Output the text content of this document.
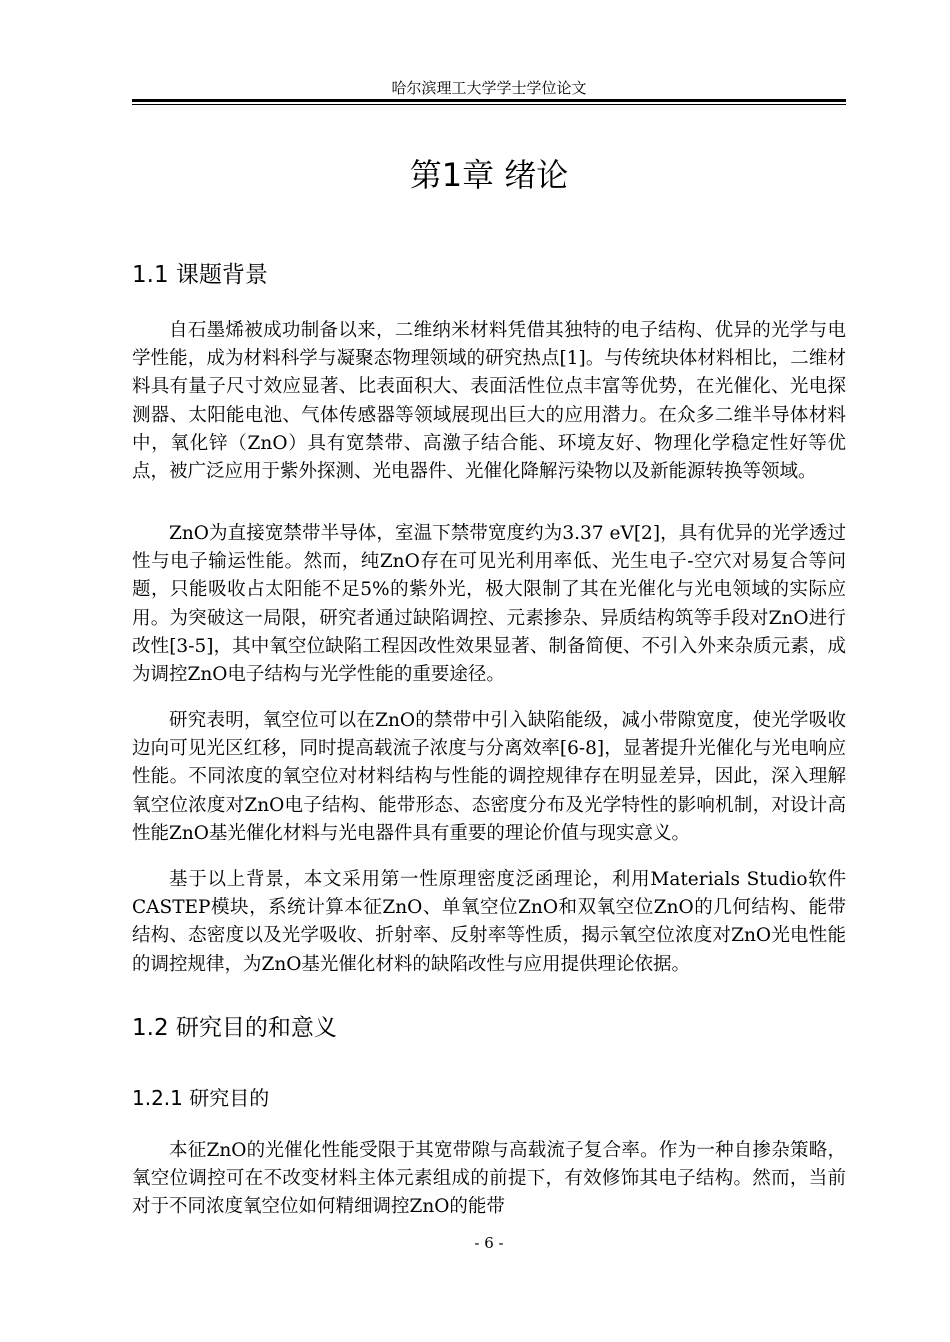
哈尔滨理工大学学士学位论文
第1章 绪论
1.1 课题背景

自石墨烯被成功制备以来，二维纳米材料凭借其独特的电子结构、优异的光学与电学性能，成为材料科学与凝聚态物理领域的研究热点[1]。与传统块体材料相比，二维材料具有量子尺寸效应显著、比表面积大、表面活性位点丰富等优势，在光催化、光电探测器、太阳能电池、气体传感器等领域展现出巨大的应用潜力。在众多二维半导体材料中，氧化锌（ZnO）具有宽禁带、高激子结合能、环境友好、物理化学稳定性好等优点，被广泛应用于紫外探测、光电器件、光催化降解污染物以及新能源转换等领域。

ZnO为直接宽禁带半导体，室温下禁带宽度约为3.37 eV[2]，具有优异的光学透过性与电子输运性能。然而，纯ZnO存在可见光利用率低、光生电子-空穴对易复合等问题，只能吸收占太阳能不足5%的紫外光，极大限制了其在光催化与光电领域的实际应用。为突破这一局限，研究者通过缺陷调控、元素掺杂、异质结构筑等手段对ZnO进行改性[3-5]，其中氧空位缺陷工程因改性效果显著、制备简便、不引入外来杂质元素，成为调控ZnO电子结构与光学性能的重要途径。

研究表明，氧空位可以在ZnO的禁带中引入缺陷能级，减小带隙宽度，使光学吸收边向可见光区红移，同时提高载流子浓度与分离效率[6-8]，显著提升光催化与光电响应性能。不同浓度的氧空位对材料结构与性能的调控规律存在明显差异，因此，深入理解氧空位浓度对ZnO电子结构、能带形态、态密度分布及光学特性的影响机制，对设计高性能ZnO基光催化材料与光电器件具有重要的理论价值与现实意义。

基于以上背景，本文采用第一性原理密度泛函理论，利用Materials Studio软件CASTEP模块，系统计算本征ZnO、单氧空位ZnO和双氧空位ZnO的几何结构、能带结构、态密度以及光学吸收、折射率、反射率等性质，揭示氧空位浓度对ZnO光电性能的调控规律，为ZnO基光催化材料的缺陷改性与应用提供理论依据。

1.2 研究目的和意义
1.2.1 研究目的

本征ZnO的光催化性能受限于其宽带隙与高载流子复合率。作为一种自掺杂策略，氧空位调控可在不改变材料主体元素组成的前提下，有效修饰其电子结构。然而，当前对于不同浓度氧空位如何精细调控ZnO的能带

- 6 -
